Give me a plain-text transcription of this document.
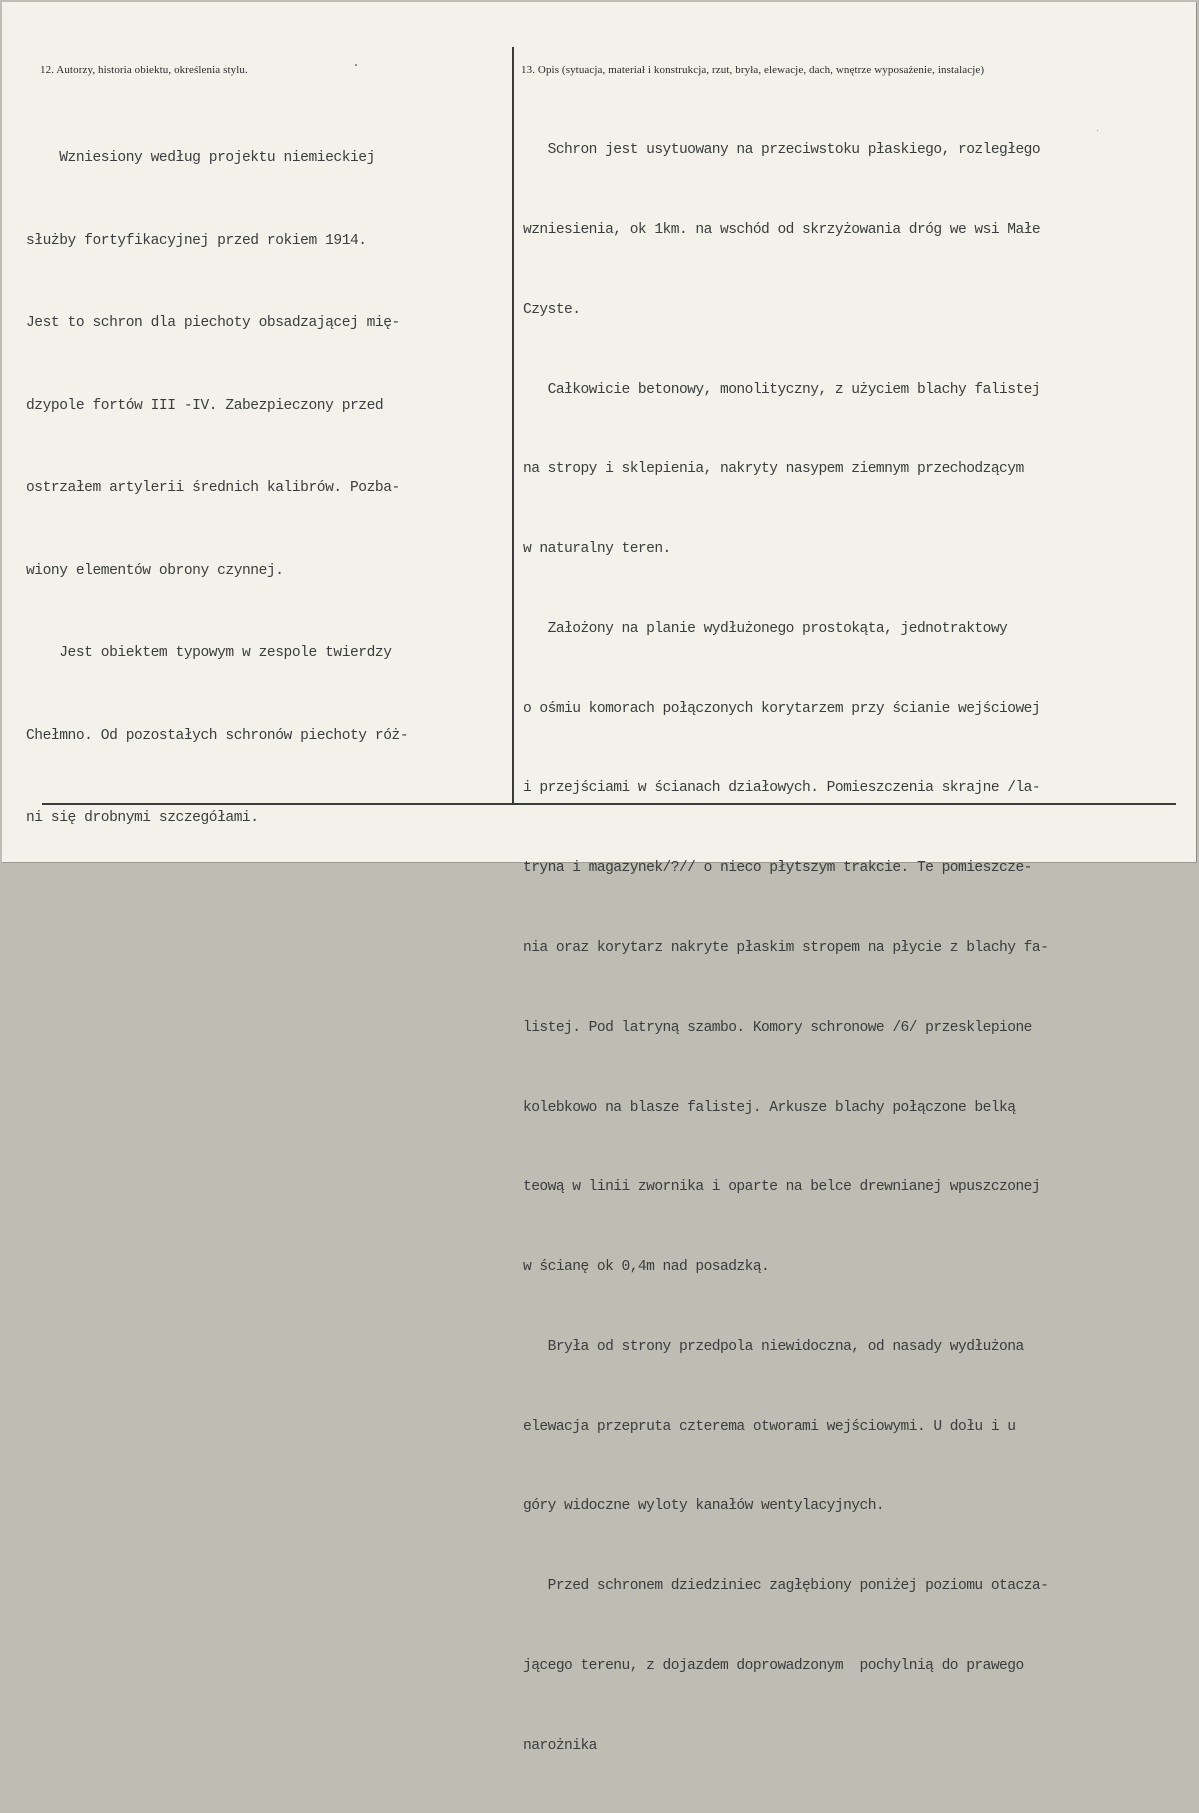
12. Autorzy, historia obiektu, określenia stylu.	13. Opis (sytuacja, materiał i konstrukcja, rzut, bryła, elewacje, dach, wnętrze wyposażenie, instalacje)

Wzniesiony według projektu niemieckiej

służby fortyfikacyjnej przed rokiem 1914.

Jest to schron dla piechoty obsadzającej mię-

dzypole fortów III -IV. Zabezpieczony przed

ostrzałem artylerii średnich kalibrów. Pozba-

wiony elementów obrony czynnej.

Jest obiektem typowym w zespole twierdzy

Chełmno. Od pozostałych schronów piechoty róż-

ni się drobnymi szczegółami.

Schron jest usytuowany na przeciwstoku płaskiego, rozległego

wzniesienia, ok 1km. na wschód od skrzyżowania dróg we wsi Małe

Czyste.

Całkowicie betonowy, monolityczny, z użyciem blachy falistej

na stropy i sklepienia, nakryty nasypem ziemnym przechodzącym

w naturalny teren.

Założony na planie wydłużonego prostokąta, jednotraktowy

o ośmiu komorach połączonych korytarzem przy ścianie wejściowej

i przejściami w ścianach działowych. Pomieszczenia skrajne /la-

tryna i magazynek/?// o nieco płytszym trakcie. Te pomieszcze-

nia oraz korytarz nakryte płaskim stropem na płycie z blachy fa-

listej. Pod latryną szambo. Komory schronowe /6/ przesklepione

kolebkowo na blasze falistej. Arkusze blachy połączone belką

teową w linii zwornika i oparte na belce drewnianej wpuszczonej

w ścianę ok 0,4m nad posadzką.

Bryła od strony przedpola niewidoczna, od nasady wydłużona

elewacja przepruta czterema otworami wejściowymi. U dołu i u

góry widoczne wyloty kanałów wentylacyjnych.

Przed schronem dziedziniec zagłębiony poniżej poziomu otacza-

jącego terenu, z dojazdem doprowadzonym  pochylnią do prawego

narożnika
